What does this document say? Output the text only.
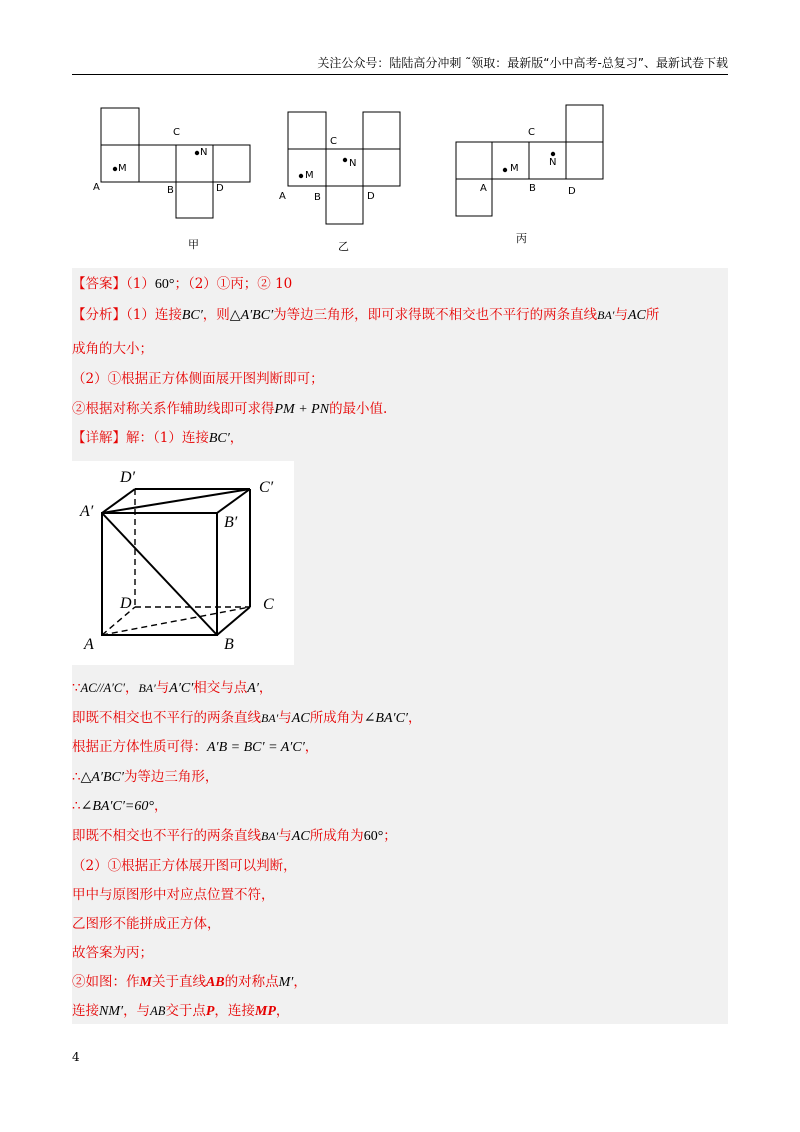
关注公众号：陆陆高分冲刺 ˜领取：最新版“小中高考-总复习”、最新试卷下载
C
N
M
A	B	D
甲
C
N
M
A	B	D
乙
C
N
M
A	B	D
丙
【答案】（1）60°；（2）①丙；② 10
【分析】（1）连接BC′，则△A′BC′为等边三角形，即可求得既不相交也不平行的两条直线BA′与AC所
成角的大小；
（2）①根据正方体侧面展开图判断即可；
②根据对称关系作辅助线即可求得PM + PN的最小值.
【详解】解：（1）连接BC′，
D′
C′
A′
B′
D	C
A	B
∵AC//A′C′，BA′与A′C′相交与点A′，
即既不相交也不平行的两条直线BA′与AC所成角为∠BA′C′，
根据正方体性质可得：A′B = BC′ = A′C′，
∴△A′BC′为等边三角形，
∴∠BA′C′=60°，
即既不相交也不平行的两条直线BA′与AC所成角为60°；
（2）①根据正方体展开图可以判断，
甲中与原图形中对应点位置不符，
乙图形不能拼成正方体，
故答案为丙；
②如图：作M关于直线AB的对称点M′，
连接NM′，与AB交于点P，连接MP，
4
